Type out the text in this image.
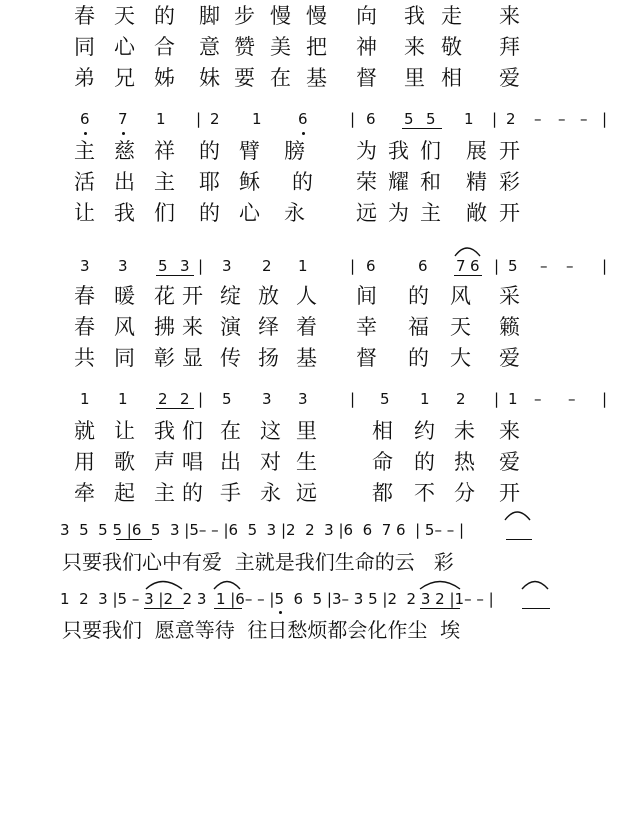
春

天

的

脚

步

慢

慢

向

我

走

来

同

心

合

意

赞

美

把

神

来

敬

拜

弟

兄

姊

妹

要

在

基

督

里

相

爱

6

7

1

|

2

1

6

	|

6

5

5

1

|

2

–

–

–

|

主

慈

祥

的

臂

膀

为

我

们

展

开

活

出

主

耶

稣

的

荣

耀

和

精

彩

让

我

们

的

心

永

远

为

主

敞

开

3

3

5

3

|

3

2

1

	|

6

	6

7

6

|

5

–

–

|

春

暖

花

开

绽

放

人

间

的

风

采

春

风

拂

来

演

绎

着

幸

福

天

籁

共

同

彰

显

传

扬

基

督

的

大

爱

1

1

2

2

|

5

3

3

	|

5

1

2

|

1

–

–

|

就

让

我

们

在

这

里

	相

约

未

来

用

歌

声

唱

出

对

生

	命

的

热

爱

牵

起

主

的

手

永

远

	都

不

分

开

3  5  5 5 |6  5  3 |5– – |6  5  3 |2  2  3 |6  6  7 6  | 5– – |
只要我们心中有爱  主就是我们生命的云   彩
1  2  3 |5 – 3 |2  2 3  1 |6– – |5  6  5 |3– 3 5 |2  2 3 2 |1– – |
只要我们  愿意等待  往日愁烦都会化作尘  埃
